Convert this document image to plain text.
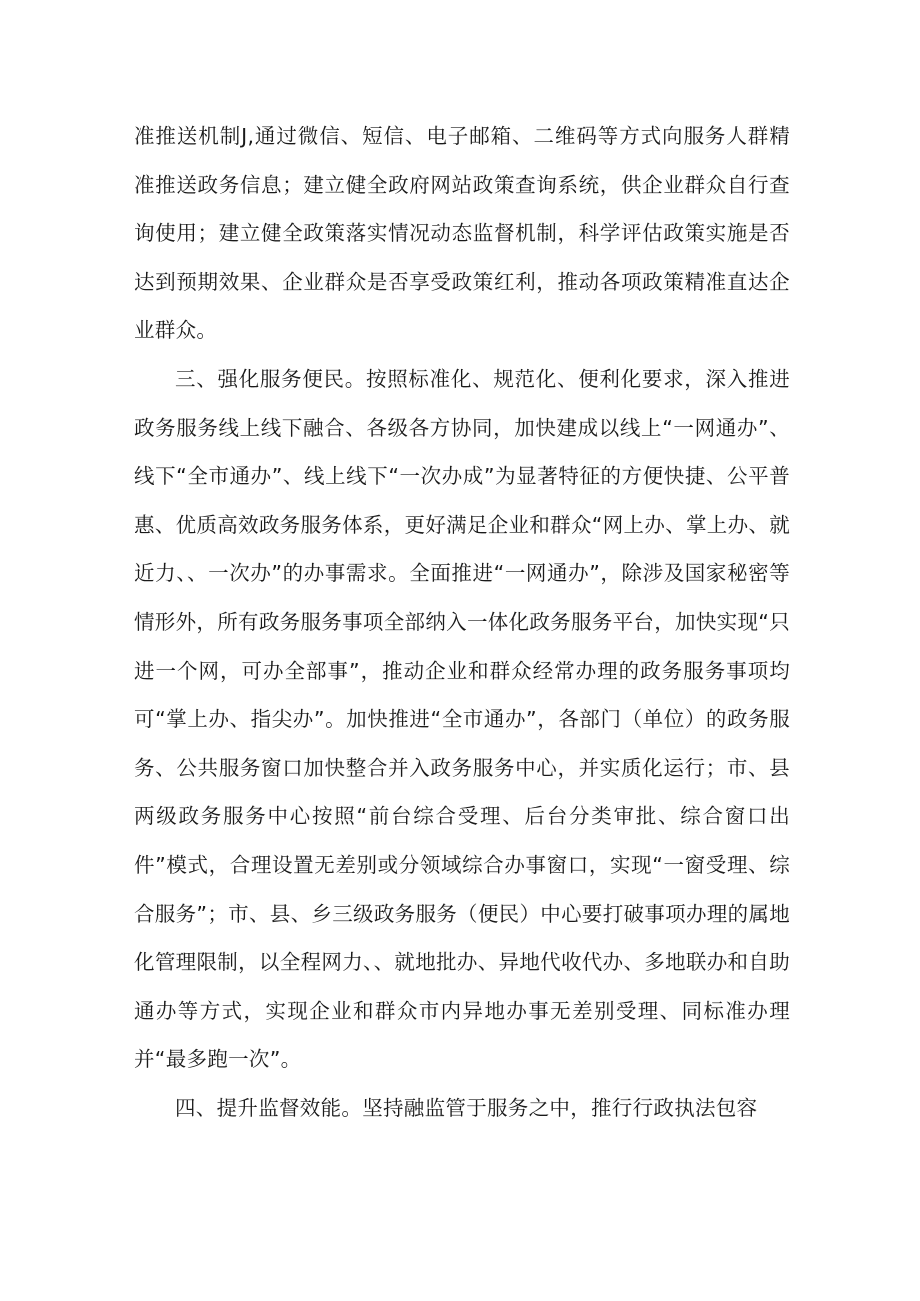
准推送机制J,通过微信、短信、电子邮箱、二维码等方式向服务人群精准推送政务信息；建立健全政府网站政策查询系统，供企业群众自行查询使用；建立健全政策落实情况动态监督机制，科学评估政策实施是否达到预期效果、企业群众是否享受政策红利，推动各项政策精准直达企业群众。

三、强化服务便民。按照标准化、规范化、便利化要求，深入推进政务服务线上线下融合、各级各方协同，加快建成以线上“一网通办”、线下“全市通办”、线上线下“一次办成”为显著特征的方便快捷、公平普惠、优质高效政务服务体系，更好满足企业和群众“网上办、掌上办、就近力、、一次办”的办事需求。全面推进“一网通办”，除涉及国家秘密等情形外，所有政务服务事项全部纳入一体化政务服务平台，加快实现“只进一个网，可办全部事”，推动企业和群众经常办理的政务服务事项均可“掌上办、指尖办”。加快推进“全市通办”，各部门（单位）的政务服务、公共服务窗口加快整合并入政务服务中心，并实质化运行；市、县两级政务服务中心按照“前台综合受理、后台分类审批、综合窗口出件”模式，合理设置无差别或分领域综合办事窗口，实现“一窗受理、综合服务”；市、县、乡三级政务服务（便民）中心要打破事项办理的属地化管理限制，以全程网力、、就地批办、异地代收代办、多地联办和自助通办等方式，实现企业和群众市内异地办事无差别受理、同标准办理并“最多跑一次”。

四、提升监督效能。坚持融监管于服务之中，推行行政执法包容
